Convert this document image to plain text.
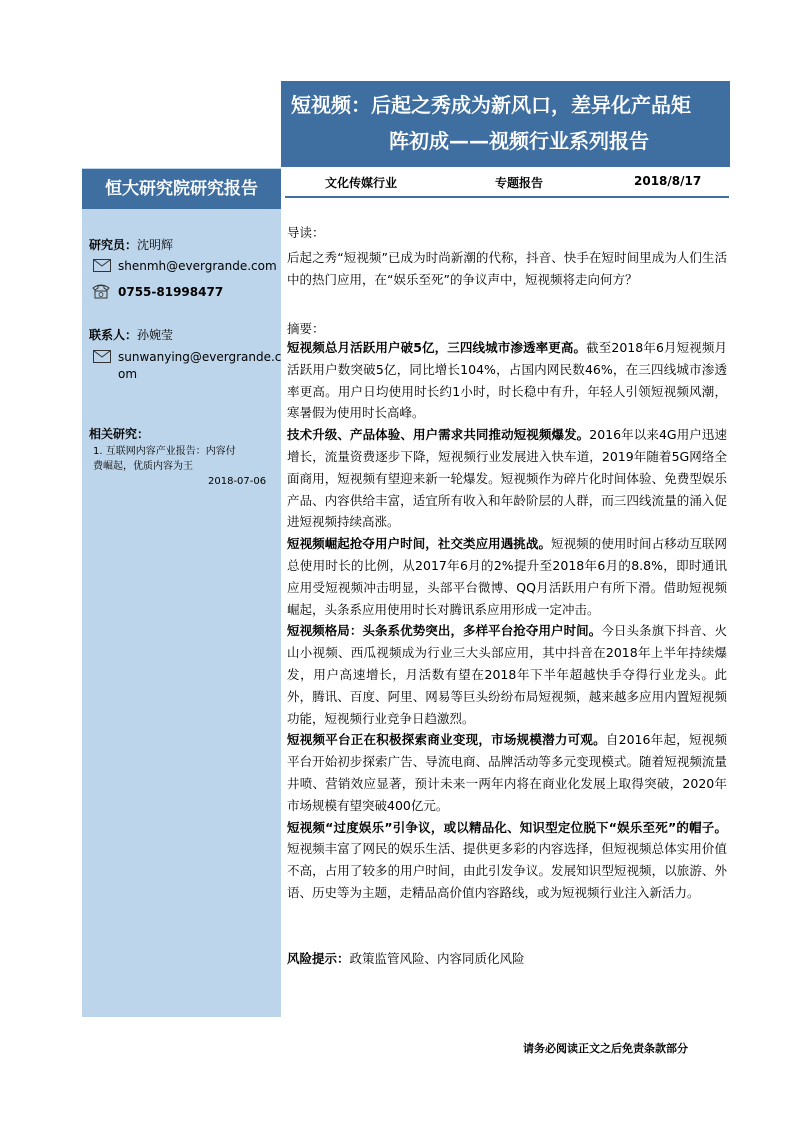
短视频：后起之秀成为新风口，差异化产品矩
阵初成——视频行业系列报告
恒大研究院研究报告	文化传媒行业	专题报告	2018/8/17
研究员：沈明辉
shenmh@evergrande.com
0755-81998477
联系人：孙婉莹
sunwanying@evergrande.c
om
相关研究：
1. 互联网内容产业报告：内容付
费崛起，优质内容为王
2018-07-06
导读：

后起之秀“短视频”已成为时尚新潮的代称，抖音、快手在短时间里成为人们生活中的热门应用，在“娱乐至死”的争议声中，短视频将走向何方？

摘要：

短视频总月活跃用户破5亿，三四线城市渗透率更高。截至2018年6月短视频月活跃用户数突破5亿，同比增长104%，占国内网民数46%，在三四线城市渗透率更高。用户日均使用时长约1小时，时长稳中有升，年轻人引领短视频风潮，寒暑假为使用时长高峰。

技术升级、产品体验、用户需求共同推动短视频爆发。2016年以来4G用户迅速增长，流量资费逐步下降，短视频行业发展进入快车道，2019年随着5G网络全面商用，短视频有望迎来新一轮爆发。短视频作为碎片化时间体验、免费型娱乐产品、内容供给丰富，适宜所有收入和年龄阶层的人群，而三四线流量的涌入促进短视频持续高涨。

短视频崛起抢夺用户时间，社交类应用遇挑战。短视频的使用时间占移动互联网总使用时长的比例，从2017年6月的2%提升至2018年6月的8.8%，即时通讯应用受短视频冲击明显，头部平台微博、QQ月活跃用户有所下滑。借助短视频崛起，头条系应用使用时长对腾讯系应用形成一定冲击。

短视频格局：头条系优势突出，多样平台抢夺用户时间。今日头条旗下抖音、火山小视频、西瓜视频成为行业三大头部应用，其中抖音在2018年上半年持续爆发，用户高速增长，月活数有望在2018年下半年超越快手夺得行业龙头。此外，腾讯、百度、阿里、网易等巨头纷纷布局短视频，越来越多应用内置短视频功能，短视频行业竞争日趋激烈。

短视频平台正在积极探索商业变现，市场规模潜力可观。自2016年起，短视频平台开始初步探索广告、导流电商、品牌活动等多元变现模式。随着短视频流量井喷、营销效应显著，预计未来一两年内将在商业化发展上取得突破，2020年市场规模有望突破400亿元。

短视频“过度娱乐”引争议，或以精品化、知识型定位脱下“娱乐至死”的帽子。短视频丰富了网民的娱乐生活、提供更多彩的内容选择，但短视频总体实用价值不高，占用了较多的用户时间，由此引发争议。发展知识型短视频，以旅游、外语、历史等为主题，走精品高价值内容路线，或为短视频行业注入新活力。

风险提示：政策监管风险、内容同质化风险

请务必阅读正文之后免责条款部分
